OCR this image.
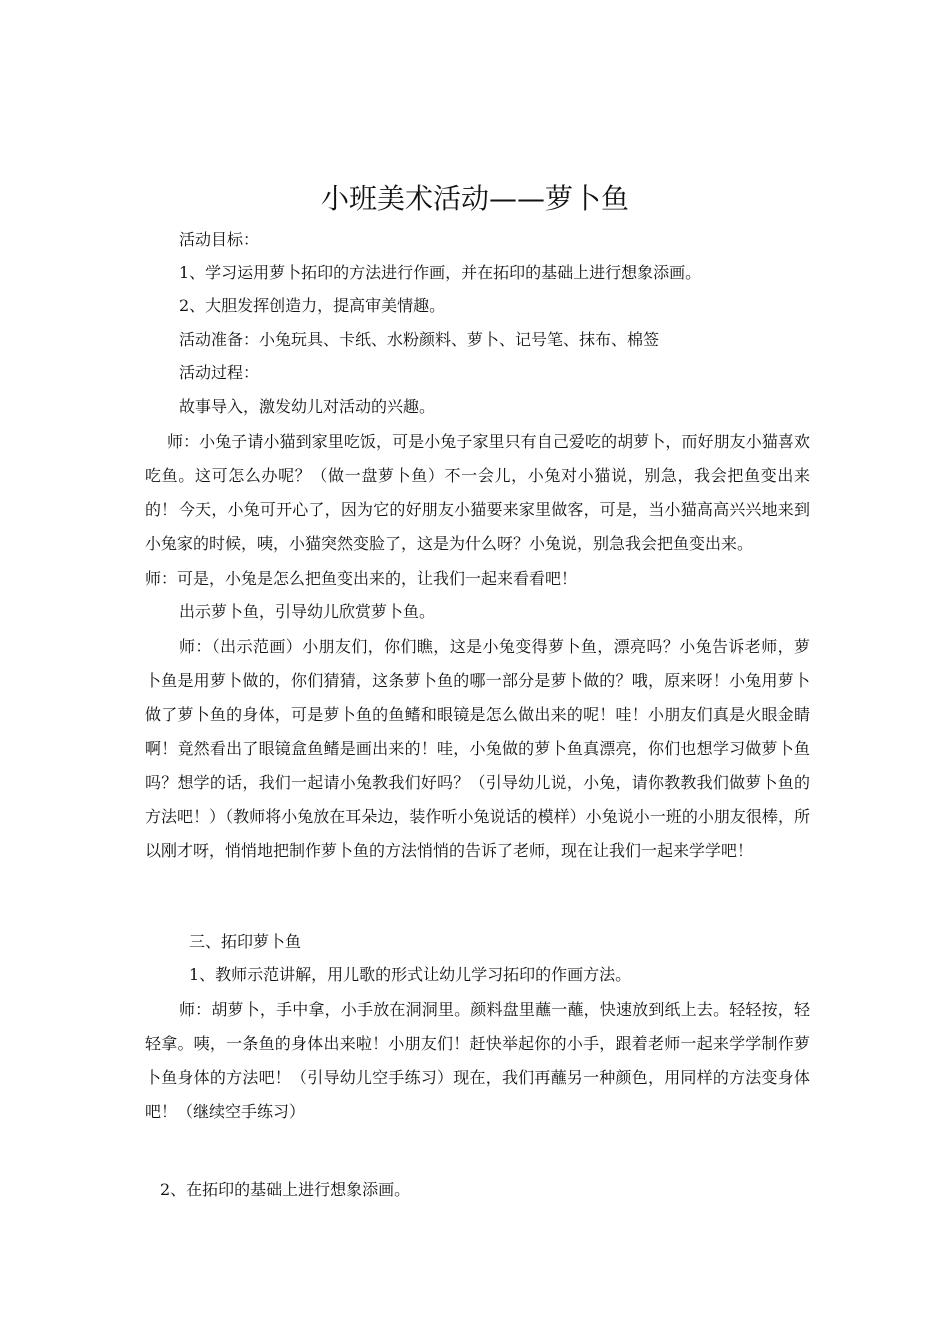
小班美术活动——萝卜鱼
活动目标：
1、学习运用萝卜拓印的方法进行作画，并在拓印的基础上进行想象添画。
2、大胆发挥创造力，提高审美情趣。
活动准备：小兔玩具、卡纸、水粉颜料、萝卜、记号笔、抹布、棉签
活动过程：
故事导入，激发幼儿对活动的兴趣。
师：小兔子请小猫到家里吃饭，可是小兔子家里只有自己爱吃的胡萝卜，而好朋友小猫喜欢吃鱼。这可怎么办呢？（做一盘萝卜鱼）不一会儿，小兔对小猫说，别急，我会把鱼变出来的！ 今天，小兔可开心了，因为它的好朋友小猫要来家里做客，可是，当小猫高高兴兴地来到小兔家的时候，咦，小猫突然变脸了，这是为什么呀？小兔说，别急我会把鱼变出来。
师：可是，小兔是怎么把鱼变出来的，让我们一起来看看吧！
出示萝卜鱼，引导幼儿欣赏萝卜鱼。
师：（出示范画）小朋友们，你们瞧，这是小兔变得萝卜鱼，漂亮吗？小兔告诉老师，萝卜鱼是用萝卜做的，你们猜猜，这条萝卜鱼的哪一部分是萝卜做的？哦，原来呀！小兔用萝卜做了萝卜鱼的身体，可是萝卜鱼的鱼鳍和眼镜是怎么做出来的呢！哇！小朋友们真是火眼金睛啊！竟然看出了眼镜盒鱼鳍是画出来的！哇，小兔做的萝卜鱼真漂亮，你们也想学习做萝卜鱼吗？想学的话，我们一起请小兔教我们好吗？（引导幼儿说，小兔，请你教教我们做萝卜鱼的方法吧！）（教师将小兔放在耳朵边，装作听小兔说话的模样）小兔说小一班的小朋友很棒，所以刚才呀，悄悄地把制作萝卜鱼的方法悄悄的告诉了老师，现在让我们一起来学学吧！
三、拓印萝卜鱼
1、教师示范讲解，用儿歌的形式让幼儿学习拓印的作画方法。
师：胡萝卜，手中拿，小手放在洞洞里。颜料盘里蘸一蘸，快速放到纸上去。轻轻按，轻轻拿。咦，一条鱼的身体出来啦！小朋友们！赶快举起你的小手，跟着老师一起来学学制作萝卜鱼身体的方法吧！（引导幼儿空手练习）现在，我们再蘸另一种颜色，用同样的方法变身体吧！（继续空手练习）
2、在拓印的基础上进行想象添画。
